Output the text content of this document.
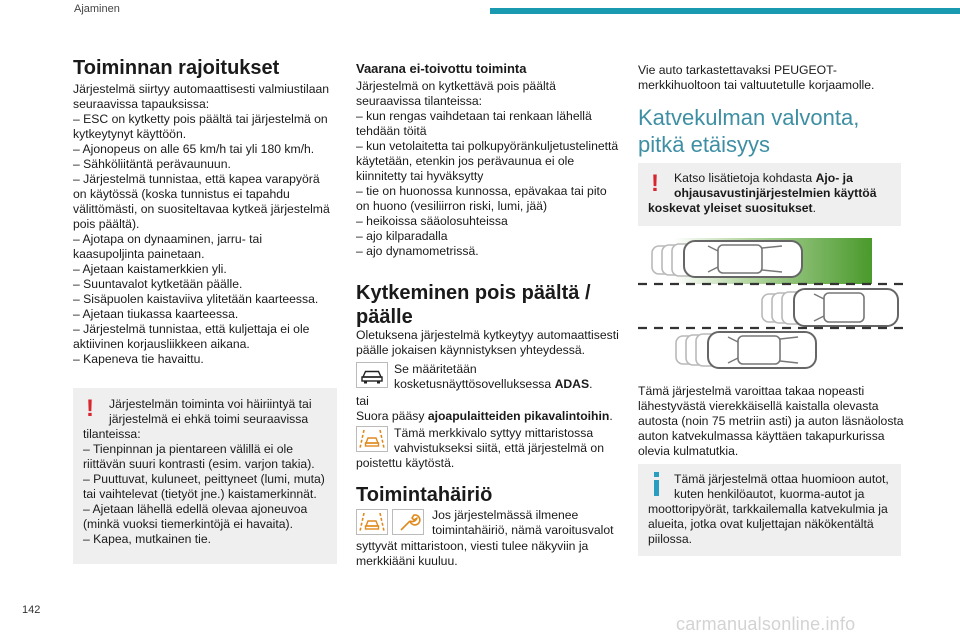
Ajaminen
Toiminnan rajoitukset

Järjestelmä siirtyy automaattisesti valmiustilaan

seuraavissa tapauksissa:

– ESC on kytketty pois päältä tai järjestelmä on

kytkeytynyt käyttöön.

– Ajonopeus on alle 65 km/h tai yli 180 km/h.

– Sähköliitäntä perävaunuun.

– Järjestelmä tunnistaa, että kapea varapyörä

on käytössä (koska tunnistus ei tapahdu

välittömästi, on suositeltavaa kytkeä järjestelmä

pois päältä).

– Ajotapa on dynaaminen, jarru- tai

kaasupoljinta painetaan.

– Ajetaan kaistamerkkien yli.

– Suuntavalot kytketään päälle.

– Sisäpuolen kaistaviiva ylitetään kaarteessa.

– Ajetaan tiukassa kaarteessa.

– Järjestelmä tunnistaa, että kuljettaja ei ole

aktiivinen korjausliikkeen aikana.

– Kapeneva tie havaittu.

! Järjestelmän toiminta voi häiriintyä tai

järjestelmä ei ehkä toimi seuraavissa

tilanteissa:

– Tienpinnan ja pientareen välillä ei ole

riittävän suuri kontrasti (esim. varjon takia).

– Puuttuvat, kuluneet, peittyneet (lumi, muta)

tai vaihtelevat (tietyöt jne.) kaistamerkinnät.

– Ajetaan lähellä edellä olevaa ajoneuvoa

(minkä vuoksi tiemerkintöjä ei havaita).

– Kapea, mutkainen tie.

Vaarana ei-toivottu toiminta

Järjestelmä on kytkettävä pois päältä

seuraavissa tilanteissa:

– kun rengas vaihdetaan tai renkaan lähellä

tehdään töitä

– kun vetolaitetta tai polkupyöränkuljetustelinettä

käytetään, etenkin jos perävaunua ei ole

kiinnitetty tai hyväksytty

– tie on huonossa kunnossa, epävakaa tai pito

on huono (vesiliirron riski, lumi, jää)

– heikoissa sääolosuhteissa

– ajo kilparadalla

– ajo dynamometrissä.

Kytkeminen pois päältä /
päälle

Oletuksena järjestelmä kytkeytyy automaattisesti

päälle jokaisen käynnistyksen yhteydessä.

Se määritetään

kosketusnäyttösovelluksessa ADAS.

tai

Suora pääsy ajoapulaitteiden pikavalintoihin.

Tämä merkkivalo syttyy mittaristossa

vahvistukseksi siitä, että järjestelmä on

poistettu käytöstä.

Toimintahäiriö

Jos järjestelmässä ilmenee

toimintahäiriö, nämä varoitusvalot

syttyvät mittaristoon, viesti tulee näkyviin ja

merkkiääni kuuluu.

Vie auto tarkastettavaksi PEUGEOT-

merkkihuoltoon tai valtuutetulle korjaamolle.

Katvekulman valvonta,
pitkä etäisyys
! Katso lisätietoja kohdasta Ajo- ja

ohjausavustinjärjestelmien käyttöä

koskevat yleiset suositukset.

Tämä järjestelmä varoittaa takaa nopeasti

lähestyvästä vierekkäisellä kaistalla olevasta

autosta (noin 75 metriin asti) ja auton läsnäolosta

auton katvekulmassa käyttäen takapurkurissa

olevia kulmatutkia.

Tämä järjestelmä ottaa huomioon autot,

kuten henkilöautot, kuorma-autot ja

moottoripyörät, tarkkailemalla katvekulmia ja

alueita, jotka ovat kuljettajan näkökentältä

piilossa.

142
carmanualsonline.info
